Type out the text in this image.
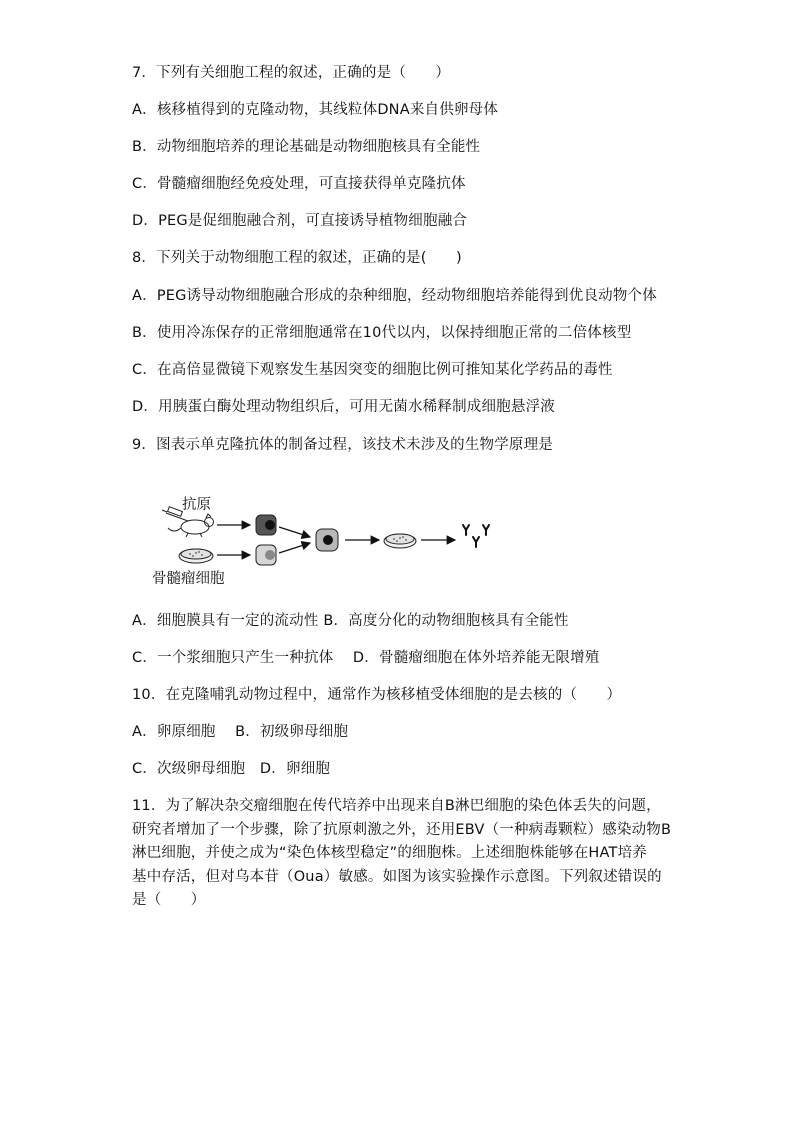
7．下列有关细胞工程的叙述，正确的是（　　）
A．核移植得到的克隆动物，其线粒体DNA来自供卵母体
B．动物细胞培养的理论基础是动物细胞核具有全能性
C．骨髓瘤细胞经免疫处理，可直接获得单克隆抗体
D．PEG是促细胞融合剂，可直接诱导植物细胞融合
8．下列关于动物细胞工程的叙述，正确的是(　　)
A．PEG诱导动物细胞融合形成的杂种细胞，经动物细胞培养能得到优良动物个体
B．使用冷冻保存的正常细胞通常在10代以内，以保持细胞正常的二倍体核型
C．在高倍显微镜下观察发生基因突变的细胞比例可推知某化学药品的毒性
D．用胰蛋白酶处理动物组织后，可用无菌水稀释制成细胞悬浮液
9．图表示单克隆抗体的制备过程，该技术未涉及的生物学原理是
抗原
骨髓瘤细胞
A．细胞膜具有一定的流动性 B．高度分化的动物细胞核具有全能性
C．一个浆细胞只产生一种抗体　 D．骨髓瘤细胞在体外培养能无限增殖
10．在克隆哺乳动物过程中，通常作为核移植受体细胞的是去核的（　　）
A．卵原细胞　 B．初级卵母细胞
C．次级卵母细胞　D．卵细胞
11．为了解决杂交瘤细胞在传代培养中出现来自B淋巴细胞的染色体丢失的问题，
研究者增加了一个步骤，除了抗原刺激之外，还用EBV（一种病毒颗粒）感染动物B
淋巴细胞，并使之成为“染色体核型稳定”的细胞株。上述细胞株能够在HAT培养
基中存活，但对乌本苷（Oua）敏感。如图为该实验操作示意图。下列叙述错误的
是（　　）
